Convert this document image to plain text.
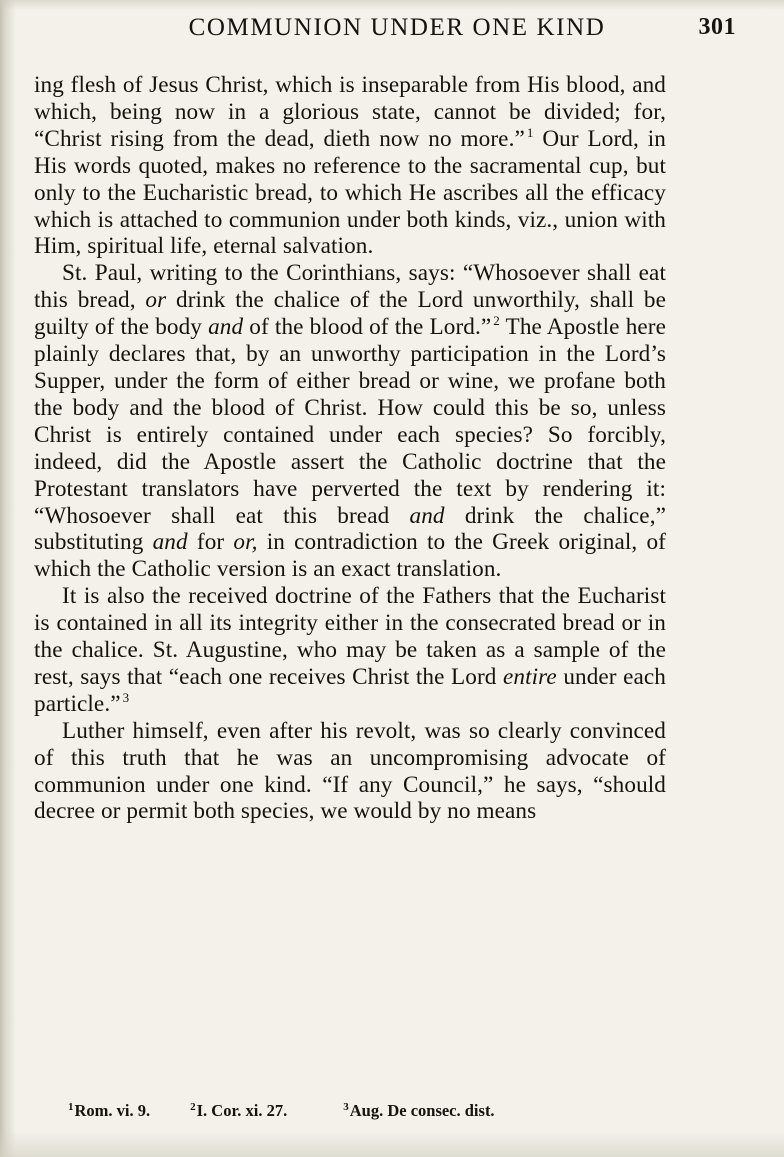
COMMUNION UNDER ONE KIND	301

ing flesh of Jesus Christ, which is inseparable from His blood, and which, being now in a glorious state, cannot be divided; for, “Christ rising from the dead, dieth now no more.” $^1$ Our Lord, in His words quoted, makes no reference to the sacramental cup, but only to the Eucharistic bread, to which He ascribes all the efficacy which is attached to communion under both kinds, viz., union with Him, spiritual life, eternal salvation.

St. Paul, writing to the Corinthians, says: “Whosoever shall eat this bread, or drink the chalice of the Lord unworthily, shall be guilty of the body and of the blood of the Lord.” $^2$ The Apostle here plainly declares that, by an unworthy participation in the Lord’s Supper, under the form of either bread or wine, we profane both the body and the blood of Christ. How could this be so, unless Christ is entirely contained under each species? So forcibly, indeed, did the Apostle assert the Catholic doctrine that the Protestant translators have perverted the text by rendering it: “Whosoever shall eat this bread and drink the chalice,” substituting and for or, in contradiction to the Greek original, of which the Catholic version is an exact translation.

It is also the received doctrine of the Fathers that the Eucharist is contained in all its integrity either in the consecrated bread or in the chalice. St. Augustine, who may be taken as a sample of the rest, says that “each one receives Christ the Lord entire under each particle.” $^3$

Luther himself, even after his revolt, was so clearly convinced of this truth that he was an uncompromising advocate of communion under one kind. “If any Council,” he says, “should decree or permit both species, we would by no means

$^1$Rom. vi. 9.	$^2$I. Cor. xi. 27.	$^3$Aug. De consec. dist.
